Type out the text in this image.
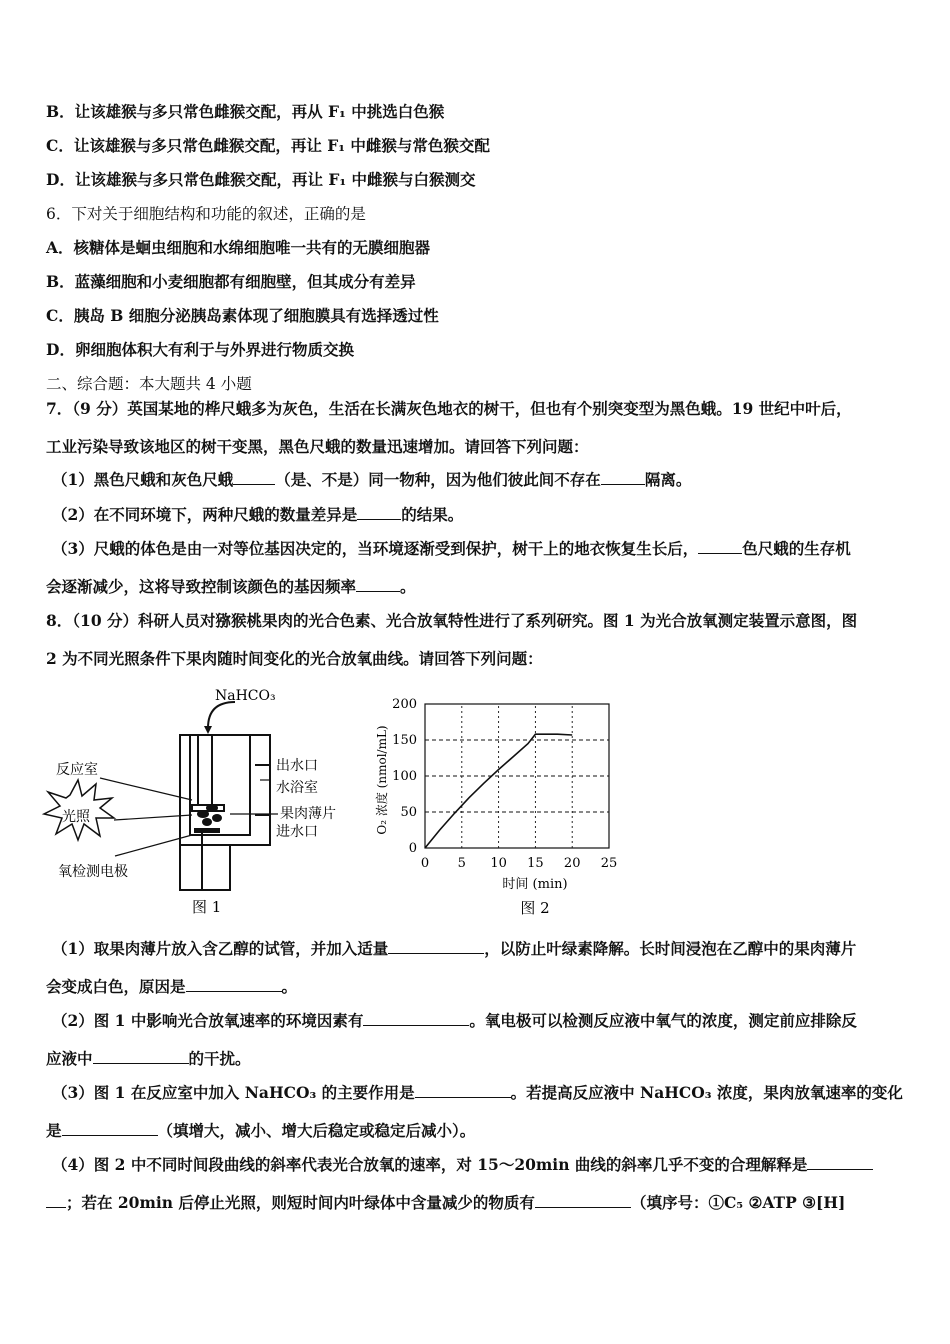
B．让该雄猴与多只常色雌猴交配，再从 F₁ 中挑选白色猴
C．让该雄猴与多只常色雌猴交配，再让 F₁ 中雌猴与常色猴交配
D．让该雄猴与多只常色雌猴交配，再让 F₁ 中雌猴与白猴测交
6．下对关于细胞结构和功能的叙述，正确的是
A．核糖体是蛔虫细胞和水绵细胞唯一共有的无膜细胞器
B．蓝藻细胞和小麦细胞都有细胞壁，但其成分有差异
C．胰岛 B 细胞分泌胰岛素体现了细胞膜具有选择透过性
D．卵细胞体积大有利于与外界进行物质交换
二、综合题：本大题共 4 小题
7．（9 分）英国某地的桦尺蛾多为灰色，生活在长满灰色地衣的树干，但也有个别突变型为黑色蛾。19 世纪中叶后，
工业污染导致该地区的树干变黑，黑色尺蛾的数量迅速增加。请回答下列问题：
（1）黑色尺蛾和灰色尺蛾	（是、不是）同一物种，因为他们彼此间不存在	隔离。
（2）在不同环境下，两种尺蛾的数量差异是	的结果。
（3）尺蛾的体色是由一对等位基因决定的，当环境逐渐受到保护，树干上的地衣恢复生长后，	色尺蛾的生存机
会逐渐减少，这将导致控制该颜色的基因频率	。
8．（10 分）科研人员对猕猴桃果肉的光合色素、光合放氧特性进行了系列研究。图 1 为光合放氧测定装置示意图，图
2 为不同光照条件下果肉随时间变化的光合放氧曲线。请回答下列问题：
NaHCO₃
反应室
光照
氧检测电极
出水口
水浴室
果肉薄片
进水口
图 1
0 5 10 15 20 25
0
50
100
150
200
时间 (min)
O₂ 浓度 (nmol/mL)
图 2
（1）取果肉薄片放入含乙醇的试管，并加入适量	，以防止叶绿素降解。长时间浸泡在乙醇中的果肉薄片
会变成白色，原因是	。
（2）图 1 中影响光合放氧速率的环境因素有	。氧电极可以检测反应液中氧气的浓度，测定前应排除反
应液中	的干扰。
（3）图 1 在反应室中加入 NaHCO₃ 的主要作用是	。若提高反应液中 NaHCO₃ 浓度，果肉放氧速率的变化
是	（填增大，减小、增大后稳定或稳定后减小）。
（4）图 2 中不同时间段曲线的斜率代表光合放氧的速率，对 15～20min 曲线的斜率几乎不变的合理解释是
；若在 20min 后停止光照，则短时间内叶绿体中含量减少的物质有	（填序号：①C₅ ②ATP ③[H]
